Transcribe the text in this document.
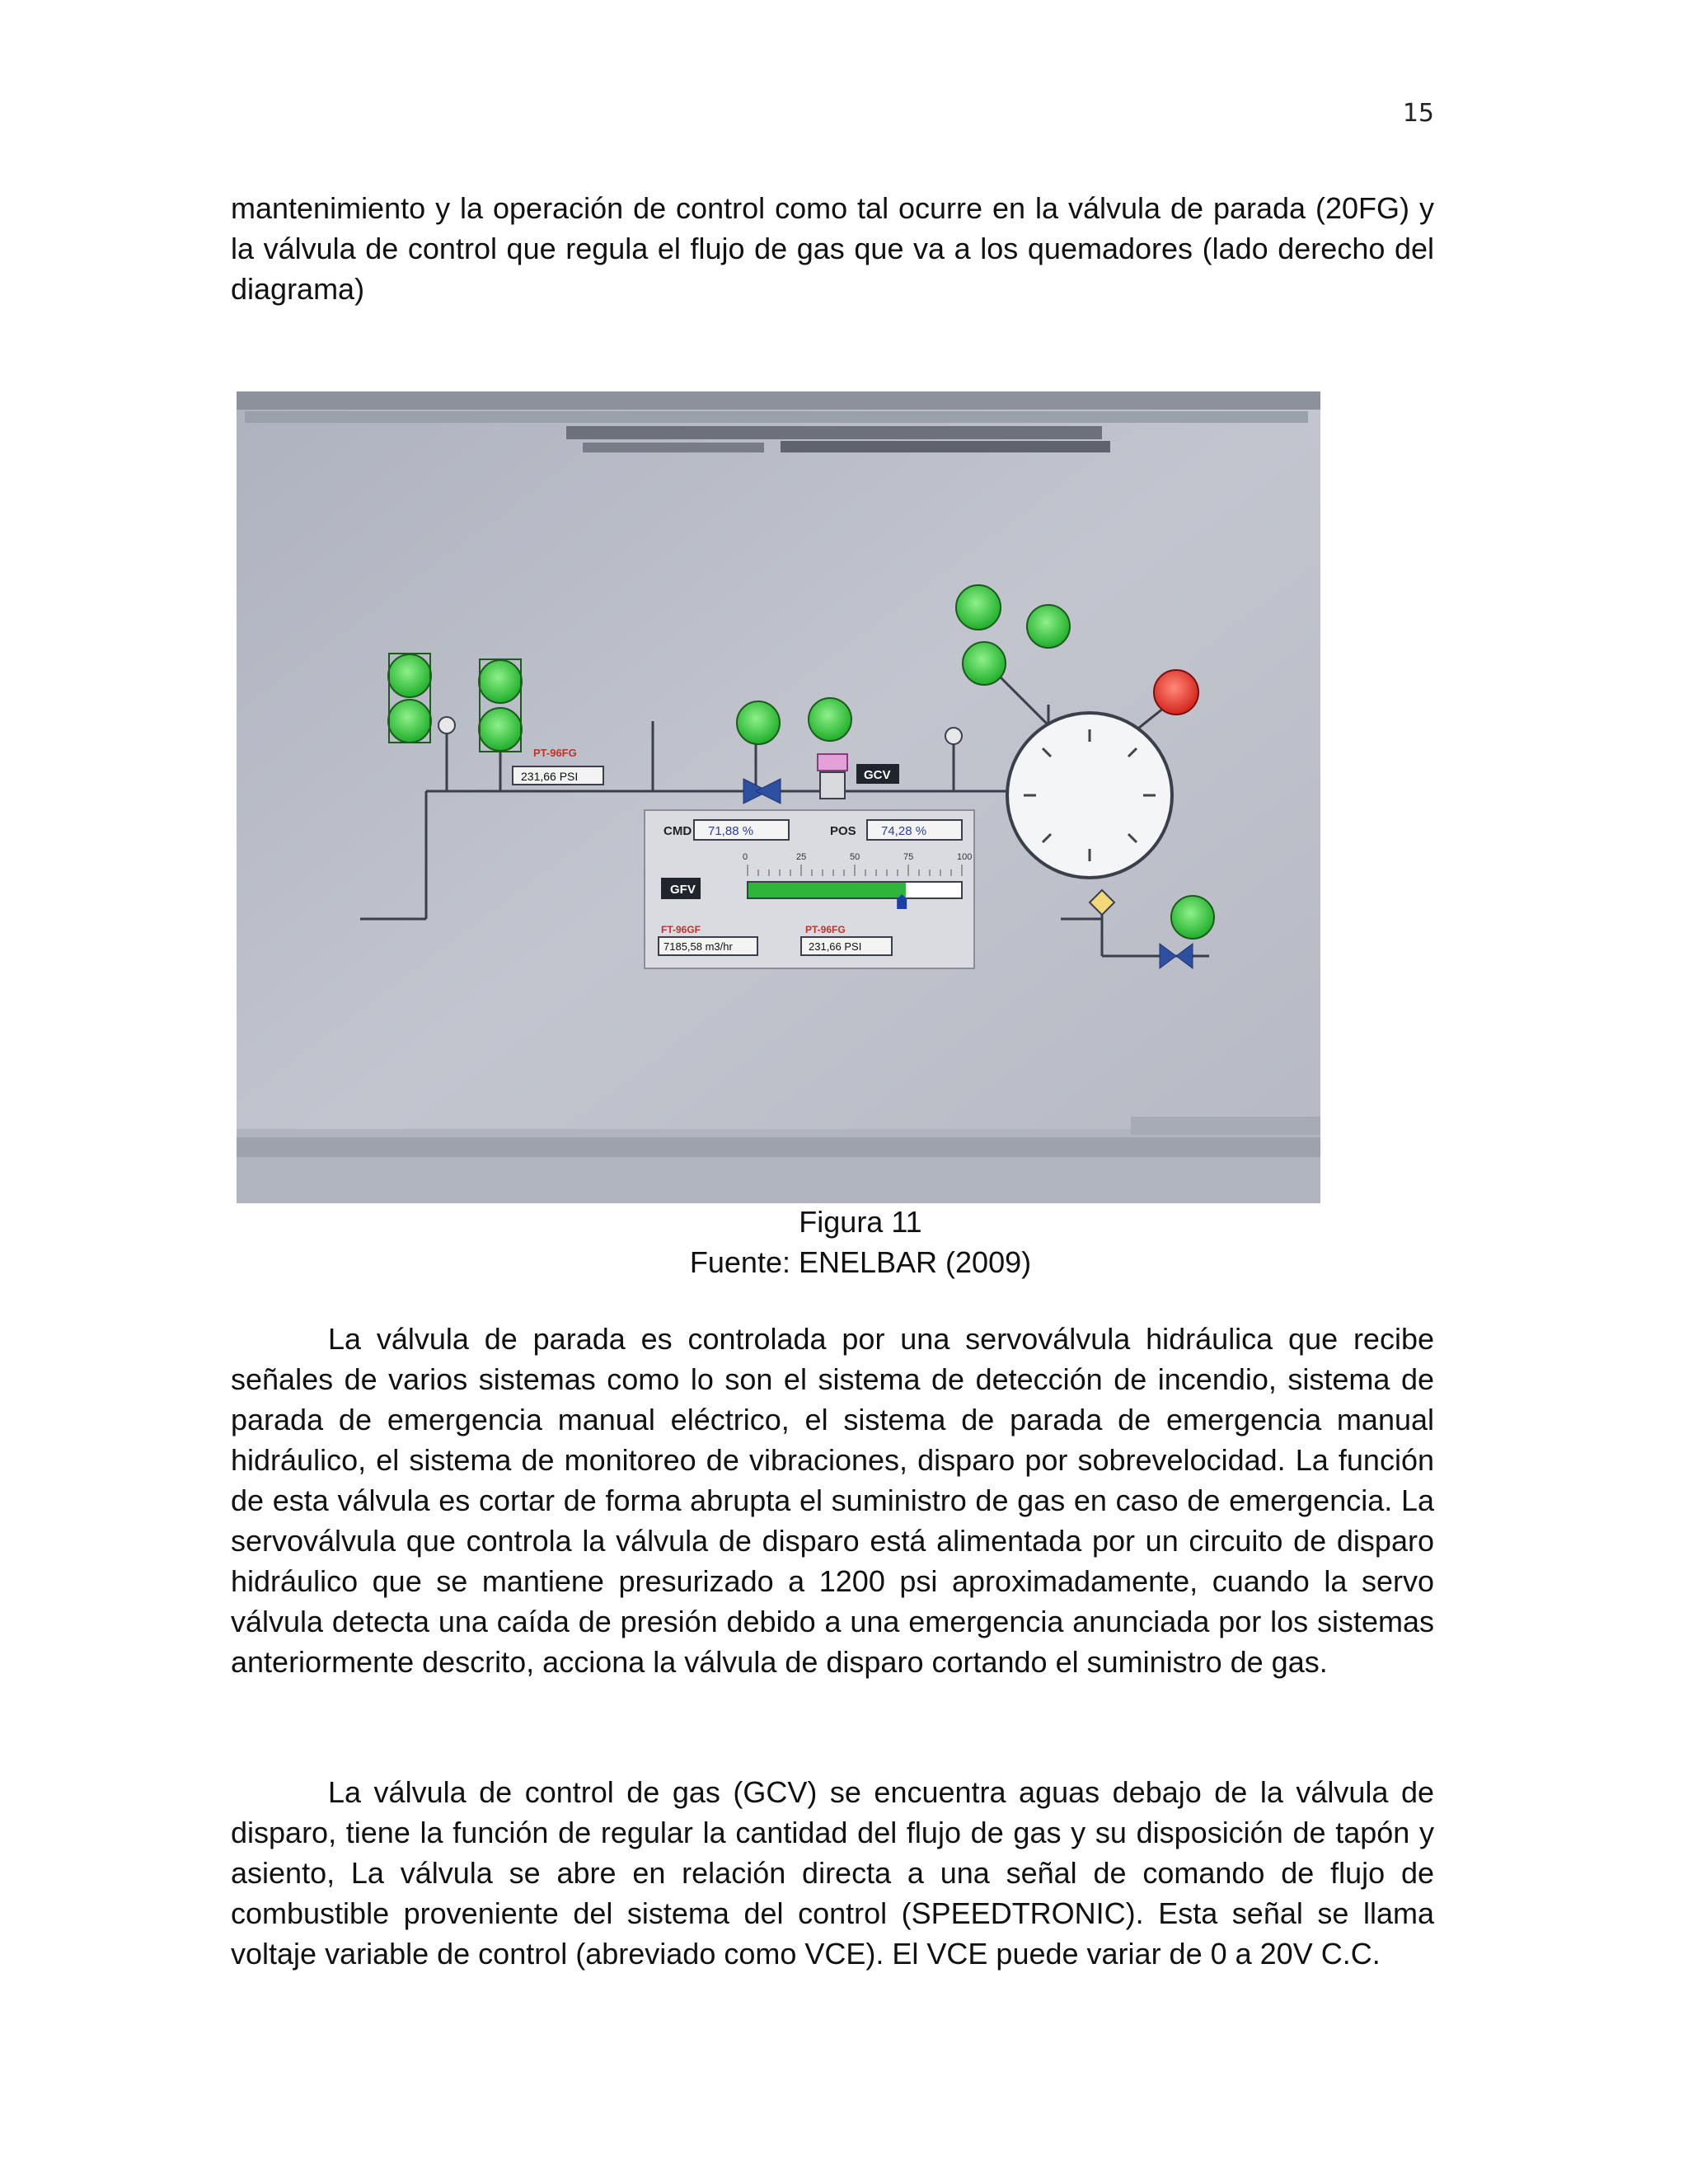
15

mantenimiento y la operación de control como tal ocurre en la válvula de parada (20FG) y la válvula de control que regula el flujo de gas que va a los quemadores (lado derecho del diagrama)

PT-96FG
231,66 PSI	GCV
CMD 71,88 %	POS 74,28 %
0	25	50	75	100
GFV
FT-96GF
7185,58 m3/hr
PT-96FG
231,66 PSI
Figura 11
Fuente: ENELBAR (2009)

La válvula de parada es controlada por una servoválvula hidráulica que recibe señales de varios sistemas como lo son el sistema de detección de incendio, sistema de parada de emergencia manual eléctrico, el sistema de parada de emergencia manual hidráulico, el sistema de monitoreo de vibraciones, disparo por sobrevelocidad. La función de esta válvula es cortar de forma abrupta el suministro de gas en caso de emergencia. La servoválvula que controla la válvula de disparo está alimentada por un circuito de disparo hidráulico que se mantiene presurizado a 1200 psi aproximadamente, cuando la servo válvula detecta una caída de presión debido a una emergencia anunciada por los sistemas anteriormente descrito, acciona la válvula de disparo cortando el suministro de gas.

La válvula de control de gas (GCV) se encuentra aguas debajo de la válvula de disparo, tiene la función de regular la cantidad del flujo de gas y su disposición de tapón y asiento, La válvula se abre en relación directa a una señal de comando de flujo de combustible proveniente del sistema del control (SPEEDTRONIC). Esta señal se llama voltaje variable de control (abreviado como VCE). El VCE puede variar de 0 a 20V C.C.
